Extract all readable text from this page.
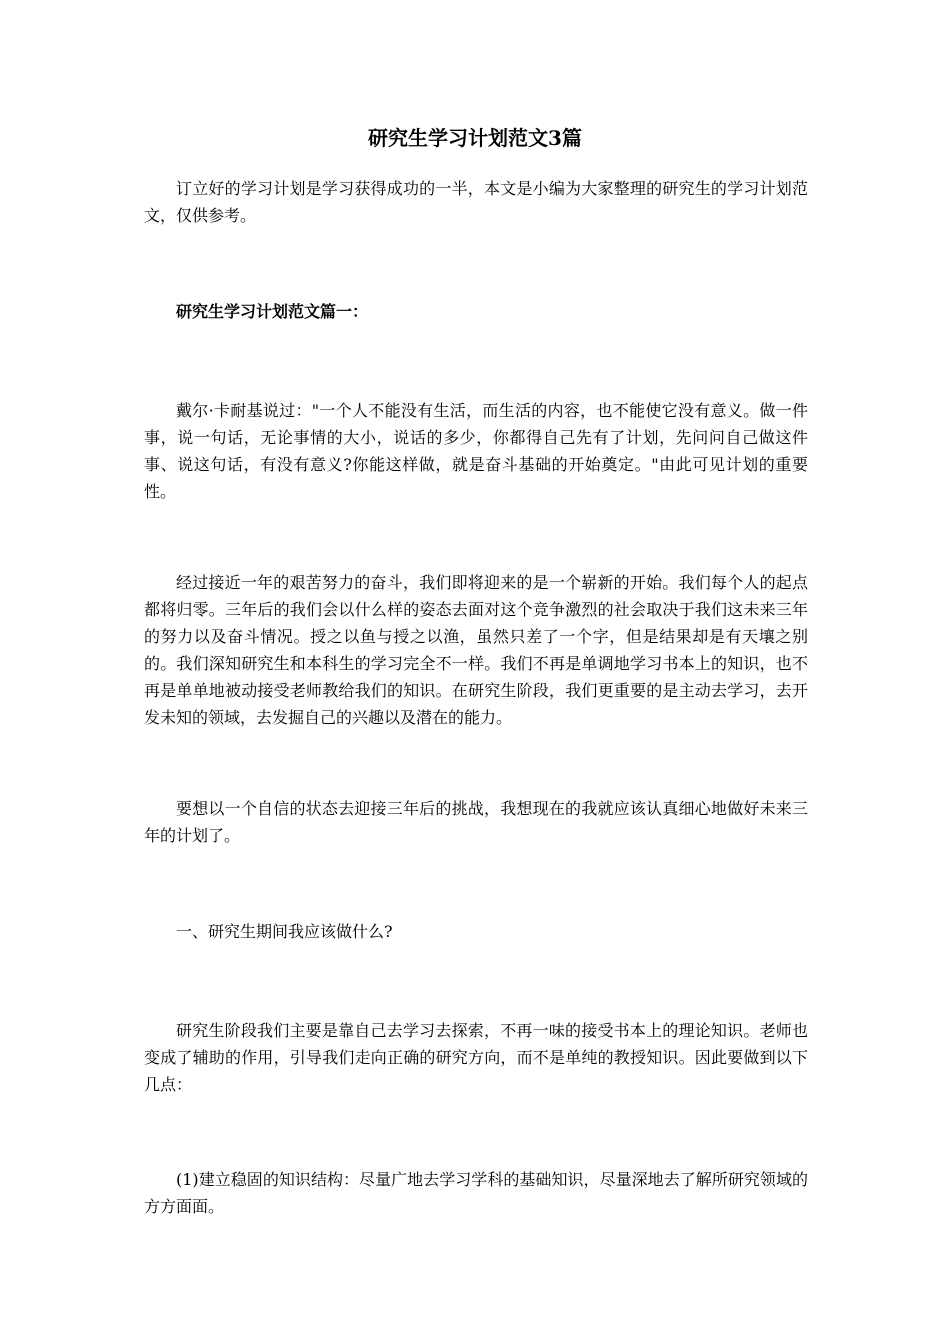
研究生学习计划范文3篇

订立好的学习计划是学习获得成功的一半，本文是小编为大家整理的研究生的学习计划范文，仅供参考。

研究生学习计划范文篇一：

戴尔·卡耐基说过："一个人不能没有生活，而生活的内容，也不能使它没有意义。做一件事，说一句话，无论事情的大小，说话的多少，你都得自己先有了计划，先问问自己做这件事、说这句话，有没有意义?你能这样做，就是奋斗基础的开始奠定。"由此可见计划的重要性。

经过接近一年的艰苦努力的奋斗，我们即将迎来的是一个崭新的开始。我们每个人的起点都将归零。三年后的我们会以什么样的姿态去面对这个竞争激烈的社会取决于我们这未来三年的努力以及奋斗情况。授之以鱼与授之以渔，虽然只差了一个字，但是结果却是有天壤之别的。我们深知研究生和本科生的学习完全不一样。我们不再是单调地学习书本上的知识，也不再是单单地被动接受老师教给我们的知识。在研究生阶段，我们更重要的是主动去学习，去开发未知的领域，去发掘自己的兴趣以及潜在的能力。

要想以一个自信的状态去迎接三年后的挑战，我想现在的我就应该认真细心地做好未来三年的计划了。

一、研究生期间我应该做什么?

研究生阶段我们主要是靠自己去学习去探索，不再一味的接受书本上的理论知识。老师也变成了辅助的作用，引导我们走向正确的研究方向，而不是单纯的教授知识。因此要做到以下几点：

(1)建立稳固的知识结构：尽量广地去学习学科的基础知识，尽量深地去了解所研究领域的方方面面。
